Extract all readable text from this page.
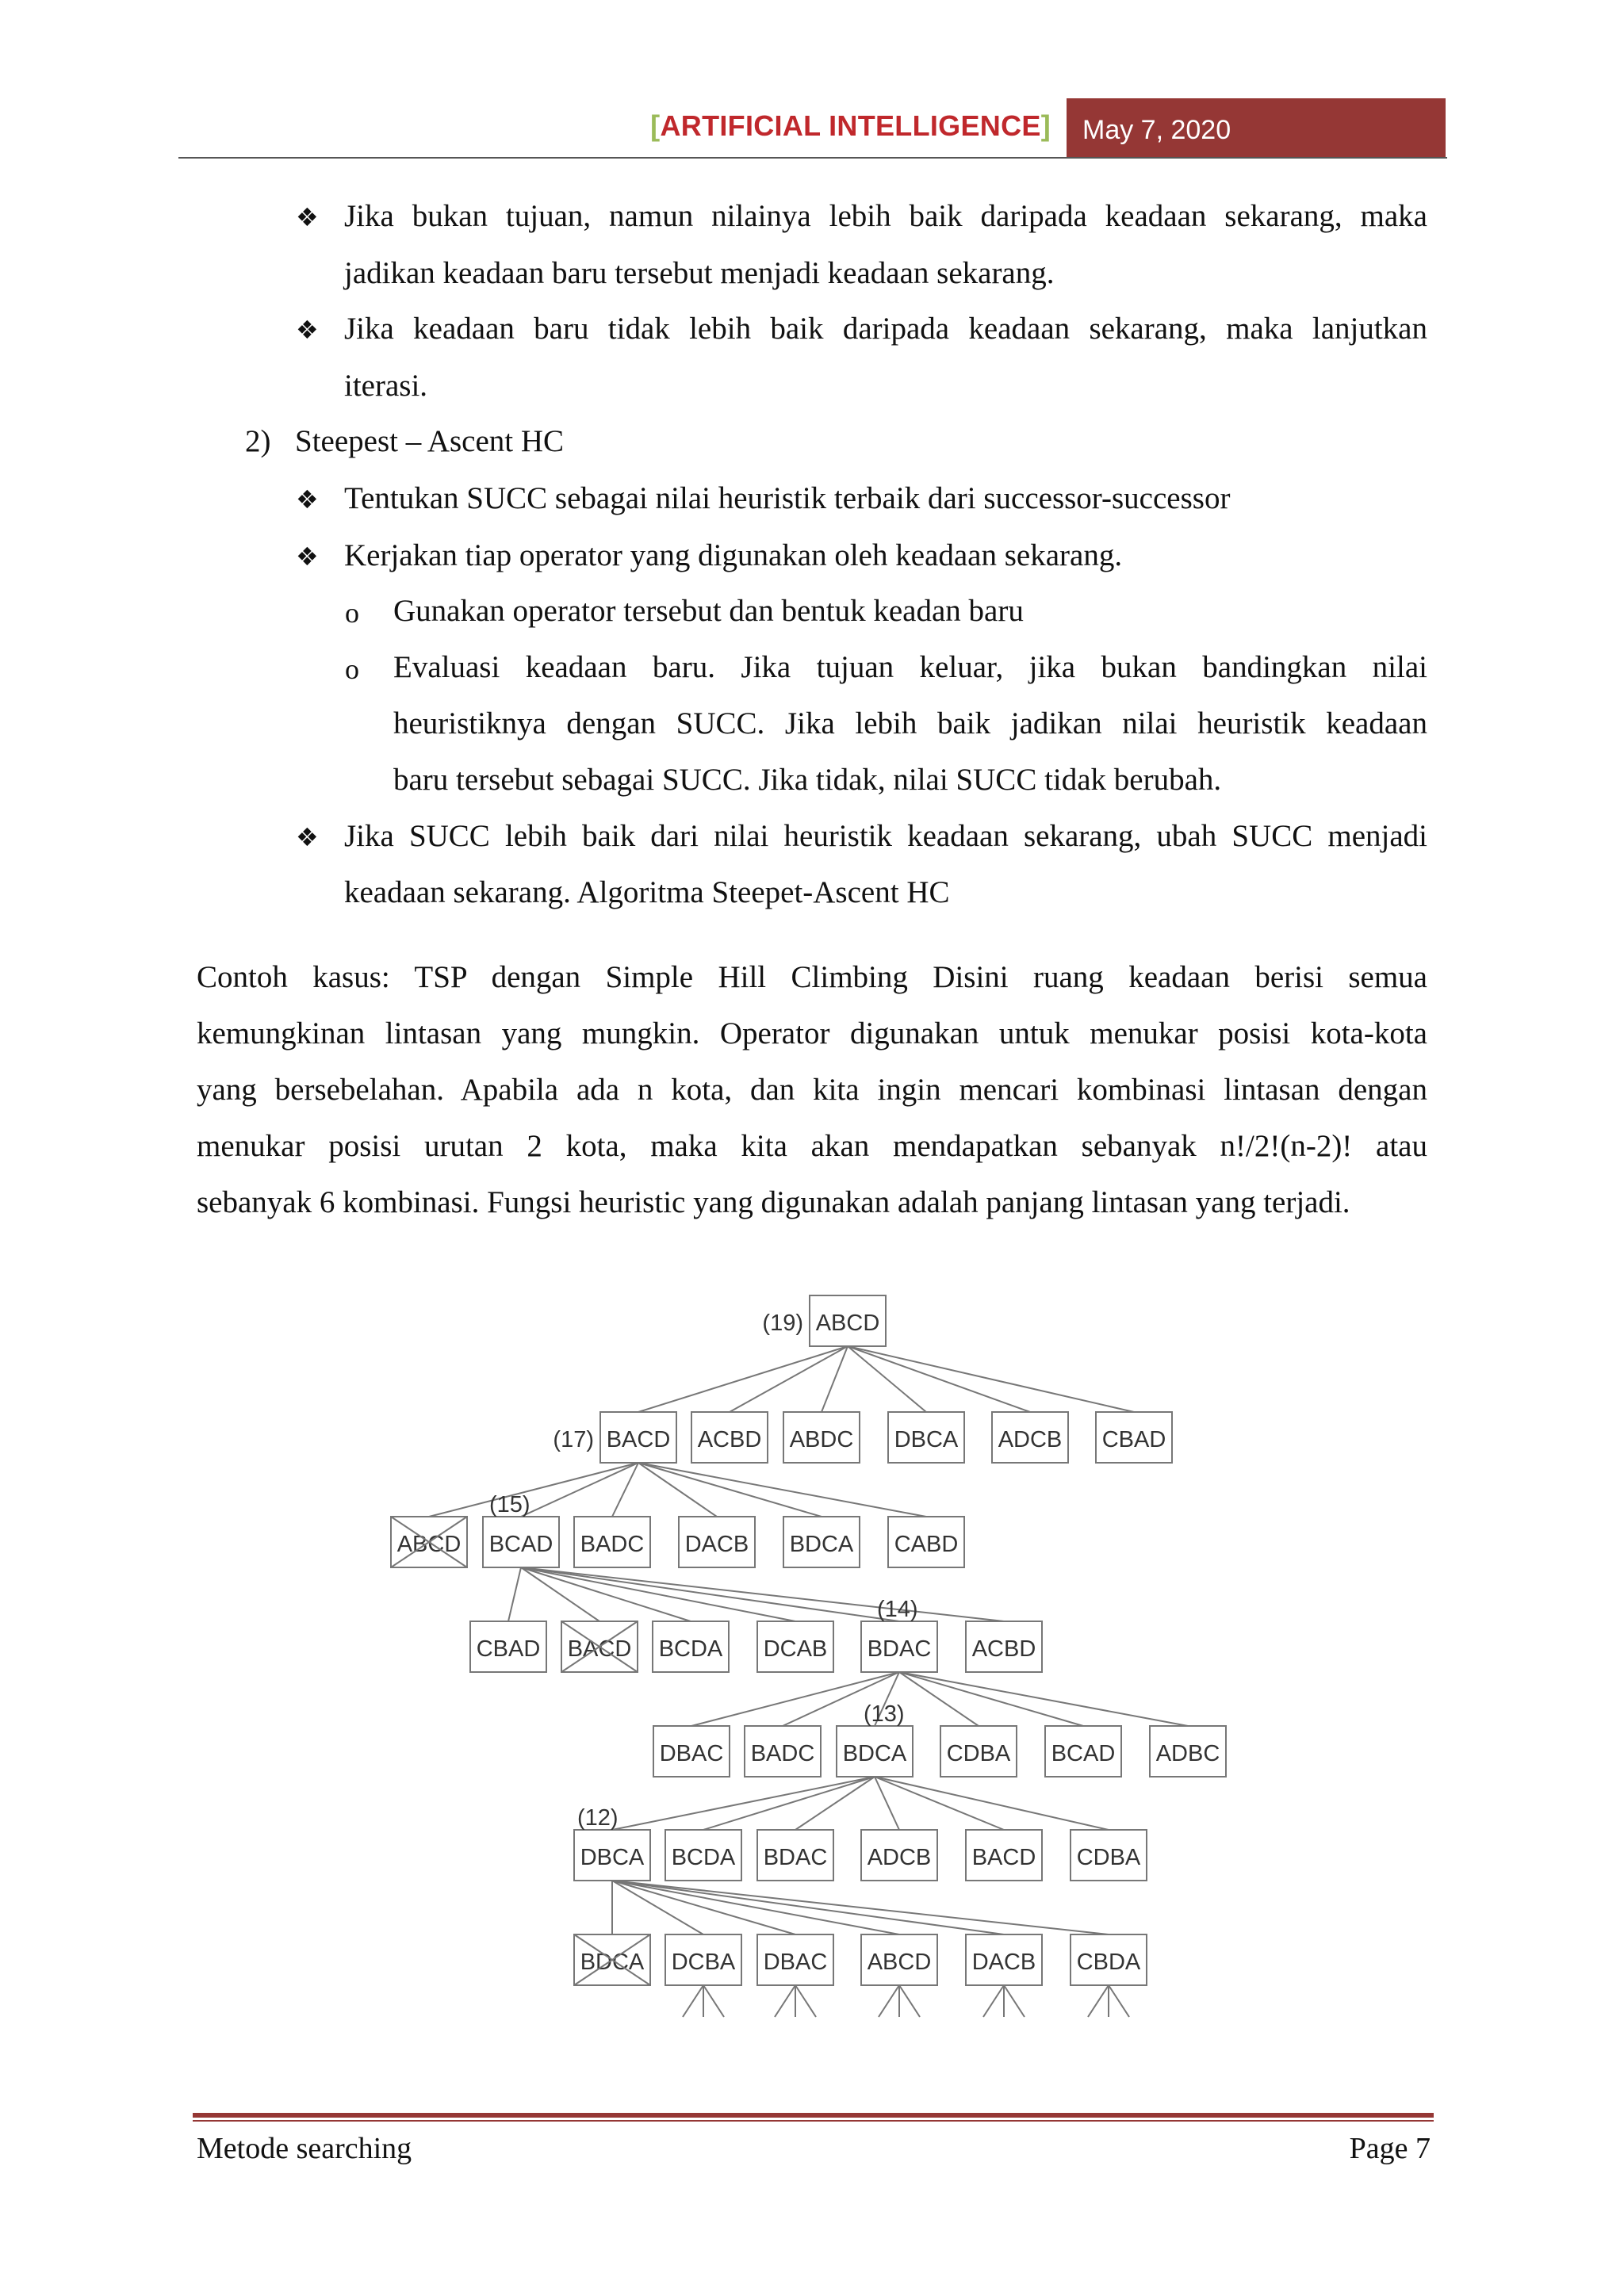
[ARTIFICIAL INTELLIGENCE]	May 7, 2020
❖ Jika bukan tujuan, namun nilainya lebih baik daripada keadaan sekarang, maka
jadikan keadaan baru tersebut menjadi keadaan sekarang.
❖ Jika keadaan baru tidak lebih baik daripada keadaan sekarang, maka lanjutkan
iterasi.
2) Steepest – Ascent HC
❖ Tentukan SUCC sebagai nilai heuristik terbaik dari successor-successor
❖ Kerjakan tiap operator yang digunakan oleh keadaan sekarang.
o Gunakan operator tersebut dan bentuk keadan baru
o Evaluasi keadaan baru. Jika tujuan keluar, jika bukan bandingkan nilai
heuristiknya dengan SUCC. Jika lebih baik jadikan nilai heuristik keadaan
baru tersebut sebagai SUCC. Jika tidak, nilai SUCC tidak berubah.
❖ Jika SUCC lebih baik dari nilai heuristik keadaan sekarang, ubah SUCC menjadi
keadaan sekarang. Algoritma Steepet-Ascent HC
Contoh kasus: TSP dengan Simple Hill Climbing Disini ruang keadaan berisi semua
kemungkinan lintasan yang mungkin. Operator digunakan untuk menukar posisi kota-kota
yang bersebelahan. Apabila ada n kota, dan kita ingin mencari kombinasi lintasan dengan
menukar posisi urutan 2 kota, maka kita akan mendapatkan sebanyak n!/2!(n-2)! atau
sebanyak 6 kombinasi. Fungsi heuristic yang digunakan adalah panjang lintasan yang terjadi.
ABCD
(19)
BACD ACBD ABDC DBCA ADCB CBAD
ABCD BCAD BADC DACB BDCA CABD
CBAD BACD BCDA DCAB BDAC ACBD
DBAC BADC BDCA CDBA BCAD ADBC
DBCA BCDA BDAC ADCB BACD CDBA
BDCA DCBA DBAC ABCD DACB CBDA
(17)
(15)
(14)
(13)
(12)
Metode searching	Page 7
